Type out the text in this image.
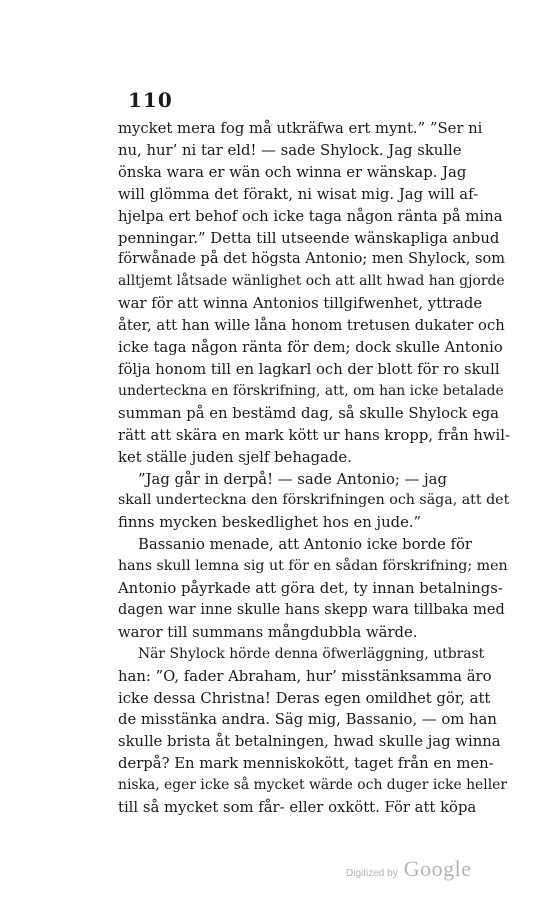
110
mycket mera fog må utkräfwa ert mynt.” ”Ser ni
nu, hur’ ni tar eld! — sade Shylock. Jag skulle
önska wara er wän och winna er wänskap. Jag
will glömma det förakt, ni wisat mig. Jag will af-
hjelpa ert behof och icke taga någon ränta på mina
penningar.” Detta till utseende wänskapliga anbud
förwånade på det högsta Antonio; men Shylock, som
alltjemt låtsade wänlighet och att allt hwad han gjorde
war för att winna Antonios tillgifwenhet, yttrade
åter, att han wille låna honom tretusen dukater och
icke taga någon ränta för dem; dock skulle Antonio
följa honom till en lagkarl och der blott för ro skull
underteckna en förskrifning, att, om han icke betalade
summan på en bestämd dag, så skulle Shylock ega
rätt att skära en mark kött ur hans kropp, från hwil-
ket ställe juden sjelf behagade.
”Jag går in derpå! — sade Antonio; — jag
skall underteckna den förskrifningen och säga, att det
finns mycken beskedlighet hos en jude.”
Bassanio menade, att Antonio icke borde för
hans skull lemna sig ut för en sådan förskrifning; men
Antonio påyrkade att göra det, ty innan betalnings-
dagen war inne skulle hans skepp wara tillbaka med
waror till summans mångdubbla wärde.
När Shylock hörde denna öfwerläggning, utbrast
han: ”O, fader Abraham, hur’ misstänksamma äro
icke dessa Christna! Deras egen omildhet gör, att
de misstänka andra. Säg mig, Bassanio, — om han
skulle brista åt betalningen, hwad skulle jag winna
derpå? En mark menniskokött, taget från en men-
niska, eger icke så mycket wärde och duger icke heller
till så mycket som får- eller oxkött. För att köpa
Digitized by Google
